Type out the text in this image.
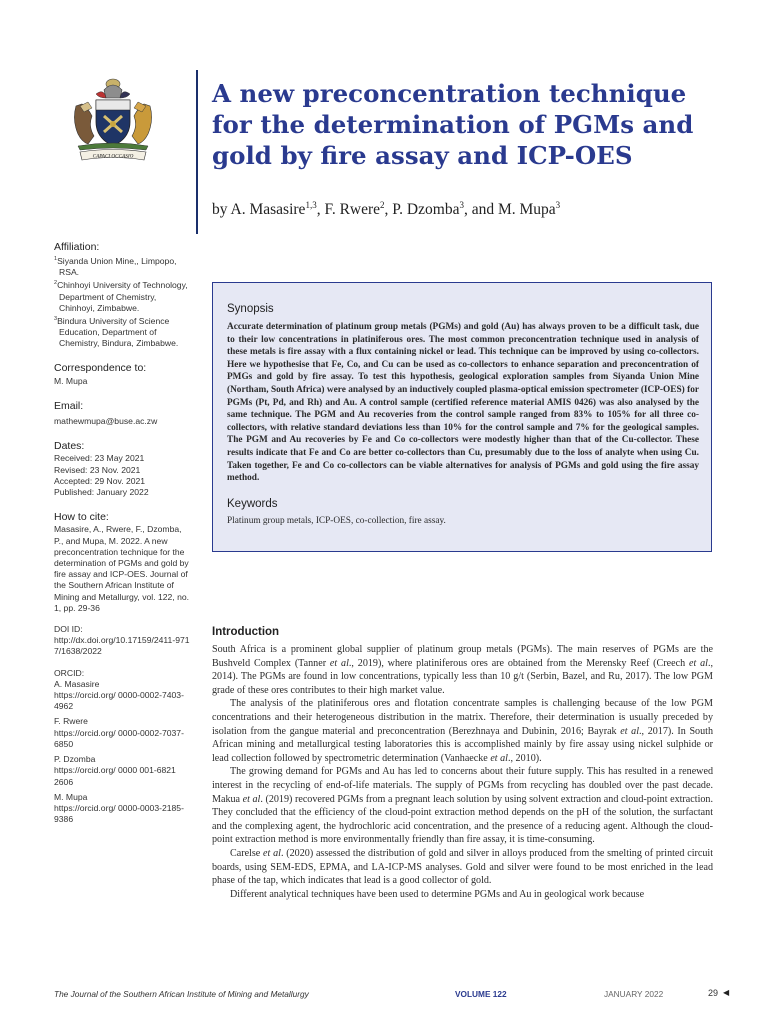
CAPACI OCCASIO
A new preconcentration technique for the determination of PGMs and gold by fire assay and ICP-OES

by A. Masasire$^{1,3}$, F. Rwere$^2$, P. Dzomba$^3$, and M. Mupa$^3$

Affiliation:
$^1$Siyanda Union Mine,, Limpopo, RSA.
$^2$Chinhoyi University of Technology, Department of Chemistry, Chinhoyi, Zimbabwe.
$^3$Bindura University of Science Education, Department of Chemistry, Bindura, Zimbabwe.
Correspondence to:
M. Mupa
Email:
mathewmupa@buse.ac.zw
Dates:
Received: 23 May 2021
Revised: 23 Nov. 2021
Accepted: 29 Nov. 2021
Published: January 2022
How to cite:
Masasire, A., Rwere, F., Dzomba, P., and Mupa, M. 2022. A new preconcentration technique for the determination of PGMs and gold by fire assay and ICP-OES. Journal of the Southern African Institute of Mining and Metallurgy, vol. 122, no. 1, pp. 29-36
DOI ID:
http://dx.doi.org/10.17159/2411-9717/1638/2022
ORCID:
A. Masasire
https://orcid.org/ 0000-0002-7403-4962
F. Rwere
https://orcid.org/ 0000-0002-7037-6850
P. Dzomba
https://orcid.org/ 0000 001-6821 2606
M. Mupa
https://orcid.org/ 0000-0003-2185-9386
Synopsis

Accurate determination of platinum group metals (PGMs) and gold (Au) has always proven to be a difficult task, due to their low concentrations in platiniferous ores. The most common preconcentration technique used in analysis of these metals is fire assay with a flux containing nickel or lead. This technique can be improved by using co-collectors. Here we hypothesise that Fe, Co, and Cu can be used as co-collectors to enhance separation and preconcentration of PMGs and gold by fire assay. To test this hypothesis, geological exploration samples from Siyanda Union Mine (Northam, South Africa) were analysed by an inductively coupled plasma-optical emission spectrometer (ICP-OES) for PGMs (Pt, Pd, and Rh) and Au. A control sample (certified reference material AMIS 0426) was also analysed by the same technique. The PGM and Au recoveries from the control sample ranged from 83% to 105% for all three co-collectors, with relative standard deviations less than 10% for the control sample and 7% for the geological samples. The PGM and Au recoveries by Fe and Co co-collectors were modestly higher than that of the Cu-collector. These results indicate that Fe and Co are better co-collectors than Cu, presumably due to the loss of analyte when using Cu. Taken together, Fe and Co co-collectors can be viable alternatives for analysis of PGMs and gold using the fire assay method.

Keywords

Platinum group metals, ICP-OES, co-collection, fire assay.

Introduction

South Africa is a prominent global supplier of platinum group metals (PGMs). The main reserves of PGMs are the Bushveld Complex (Tanner et al., 2019), where platiniferous ores are obtained from the Merensky Reef (Creech et al., 2014). The PGMs are found in low concentrations, typically less than 10 g/t (Serbin, Bazel, and Ru, 2017). The low PGM grade of these ores contributes to their high market value.

The analysis of the platiniferous ores and flotation concentrate samples is challenging because of the low PGM concentrations and their heterogeneous distribution in the matrix. Therefore, their determination is usually preceded by isolation from the gangue material and preconcentration (Berezhnaya and Dubinin, 2016; Bayrak et al., 2017). In South African mining and metallurgical testing laboratories this is accomplished mainly by fire assay using nickel sulphide or lead collection followed by spectrometric determination (Vanhaecke et al., 2010).

The growing demand for PGMs and Au has led to concerns about their future supply. This has resulted in a renewed interest in the recycling of end-of-life materials. The supply of PGMs from recycling has doubled over the past decade. Makua et al. (2019) recovered PGMs from a pregnant leach solution by using solvent extraction and cloud-point extraction. They concluded that the efficiency of the cloud-point extraction method depends on the pH of the solution, the surfactant and the complexing agent, the hydrochloric acid concentration, and the presence of a reducing agent. Although the cloud-point extraction method is more environmentally friendly than fire assay, it is time-consuming.

Carelse et al. (2020) assessed the distribution of gold and silver in alloys produced from the smelting of printed circuit boards, using SEM-EDS, EPMA, and LA-ICP-MS analyses. Gold and silver were found to be most enriched in the lead phase of the tap, which indicates that lead is a good collector of gold.

Different analytical techniques have been used to determine PGMs and Au in geological work because

The Journal of the Southern African Institute of Mining and Metallurgy	VOLUME 122	JANUARY 2022	29 ◀
